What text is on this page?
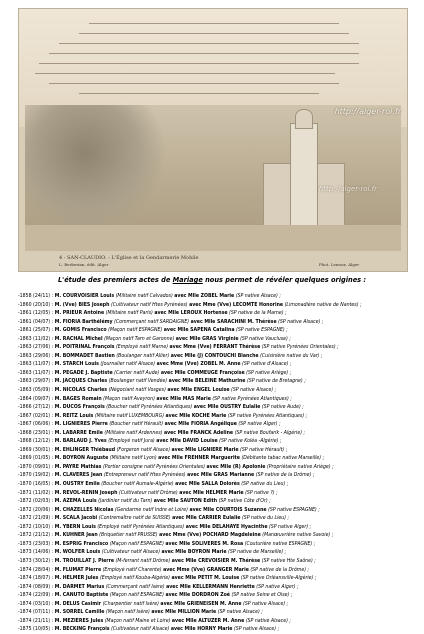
http://alger-roi.fr
http://alger-roi.fr
4 - SAN-CLAUDIO. - L'Église et la Gendarmerie Mobile
L. Berberian, édit. Alger	Phot. Lennox, Alger
L'étude des premiers actes de Mariage nous permet de révéler quelques origines :
-1858 (24/11) : M. COURVOISIER Louis (Militaire natif Calvados) avec Mlle ZOBEL Marie (SP native Alsace) ;
-1860 (20/10) : M. (Vve) BIES Joseph (Cultivateur natif Htes Pyrénées) avec Mme (Vve) LECOMTE Honorine (Limonadière native de Nantes) ;
-1861 (12/05) : M. PRIEUR Antoine (Militaire natif Paris) avec Mlle LEROUX Hortense (SP native de la Marne) ;
-1861 (04/07) : M. FIORIA Barthélémy (Commerçant natif SARDAIGNE) avec Mlle SARACHINI M. Thérèse (SP native Alsace) ;
-1861 (25/07) : M. GOMIS Francisco (Maçon natif ESPAGNE) avec Mlle SAPENA Catalina (SP native ESPAGNE) ;
-1863 (11/02) : M. RACHAL Michel (Maçon natif Tarn et Garonne) avec Mlle GRAS Virginie (SP native Vaucluse) ;
-1863 (27/06) : M. POITRINAL François (Employé natif Marne) avec Mme (Vve) FERRANT Thérèse (SP native Pyrénées Orientales) ;
-1863 (29/06) : M. BOMMADET Bastien (Boulanger natif Allier) avec Mlle (J) CONTOUCHI Blanche (Cuisinière native du Var) ;
-1863 (11/07) : M. STARCH Louis (Journalier natif Alsace) avec Mme (Vve) ZOBEL M. Anne (SP native d'Alsace) ;
-1863 (11/07) : M. PEGADE J. Baptiste (Carrier natif Aude) avec Mlle COMMEUGE Françoise (SP native Ariège) ;
-1863 (29/07) : M. JACQUES Charles (Boulanger natif Vendée) avec Mlle BELEINE Mathurine (SP native de Bretagne) ;
-1863 (05/09) : M. NICOLAS Charles (Négociant natif Vosges) avec Mlle ENGEL Louise (SP native Alsace) ;
-1864 (09/07) : M. BAGES Romain (Maçon natif Aveyron) avec Mlle MAS Marie (SP native Pyrénées Atlantiques) ;
-1866 (27/12) : M. DUCOS François (Boucher natif Pyrénées Atlantiques) avec Mlle OUSTRY Eulalie (SP native Aude) ;
-1867 (02/01) : M. REITZ Louis (Militaire natif LUXEMBOURG) avec Mlle KOCHE Marie (SP native Pyrénées Atlantiques) ;
-1867 (06/06) : M. LIGNIERES Pierre (Boucher natif Hérault) avec Mlle FIORIA Angélique (SP native Alger) ;
-1868 (23/01) : M. LABARRE Emile (Militaire natif Ardennes) avec Mlle FRANCK Adeline (SP native Boufarik - Algérie) ;
-1868 (12/12) : M. BARLAUD J. Yves (Employé natif Jura) avec Mlle DAVID Louise (SP native Koléa -Algérie) ;
-1869 (30/01) : M. EHLINGER Thiébaud (Forgeron natif Alsace) avec Mlle LIGNIERE Marie (SP native Hérault) ;
-1869 (01/05) : M. BOYRON Auguste (Militaire natif Lyon) avec Mlle FREHNER Marguerite (Débitante tabac native Marseille) ;
-1870 (09/01) : M. PAYRE Mathias (Portier consigne natif Pyrénées Orientales) avec Mlle (R) Apolonie (Propriétaire native Ariège) ;
-1870 (19/02) : M. CLAVERES Jean (Entrepreneur natif Htes Pyrénées) avec Mlle GRAS Marianne (SP native de la Drôme) ;
-1870 (16/05) : M. OUSTRY Emile (Boucher natif Aumale-Algérie) avec Mlle SALLA Dolorès (SP native du Lieu) ;
-1871 (11/02) : M. REVOL-RENIN Joseph (Cultivateur natif Drôme) avec Mlle HELMER Marie (SP native ?) ;
-1872 (02/03) : M. AZEMA Louis (Jardinier natif du Tarn) avec Mlle SAUTON Edith (SP native Côte d'Or) ;
-1872 (20/06) : M. CHAZELLES Nicolas (Gendarme natif Indre et Loire) avec Mlle COURTOIS Suzanne (SP native ESPAGNE) ;
-1872 (21/09) : M. SCALA Jacobi (Contremaître natif de SUISSE) avec Mlle CARRIER Eulalie (SP native du Lieu) ;
-1872 (10/10) : M. YBERN Louis (Employé natif Pyrénées Atlantiques) avec Mlle DELAHAYE Hyacinthe (SP native Alger) ;
-1872 (21/12) : M. KUHNER Jean (Briquetier natif PRUSSE) avec Mme (Vve) POCHARD Magdeleine (Manœuvrière native Savoie) ;
-1873 (23/03) : M. ESPRIG Francisco (Maçon natif ESPAGNE) avec Mlle SOLIVERES M. Rosa (Couturière native ESPAGNE) ;
-1873 (14/06) : M. WOLFER Louis (Cultivateur natif Alsace) avec Mlle BOYRON Marie (SP native de Marseille) ;
-1873 (30/12) : M. TROUILLAT J. Pierre (M-ferrant natif Drôme) avec Mlle CREVOISIER M. Thérèse (SP native Hte Saône) ;
-1874 (28/04) : M. FLUMAT Pierre (Employé natif Charente) avec Mme (Vve) GRANGER Marie (SP native de la Drôme) ;
-1874 (18/07) : M. HELMER Jules (Employé natif Kouba-Algérie) avec Mlle PETIT M. Louise (SP native Orléansville-Algérie) ;
-1874 (08/09) : M. DARMET Marius (Commerçant natif Isère) avec Mlle KELLERMANN Henriette (SP native Alger) ;
-1874 (22/09) : M. CANUTO Baptiste (Maçon natif ESPAGNE) avec Mlle DORDRON Zoé (SP native Seine et Oise) ;
-1874 (03/10) : M. DELUS Casimir (Charpentier natif Isère) avec Mlle GRIENEISEN M. Anne (SP native Alsace) ;
-1874 (07/11) : M. SORREL Camille (Maçon natif Isère) avec Mlle MILLION Marie (SP native Alsace) ;
-1874 (21/11) : M. MEZIERES Jules (Maçon natif Maine et Loire) avec Mlle ALTUZER M. Anne (SP native Alsace) ;
-1875 (10/05) : M. BECKING François (Cultivateur natif Alsace) avec Mlle HORNY Marie (SP native Alsace) ;
